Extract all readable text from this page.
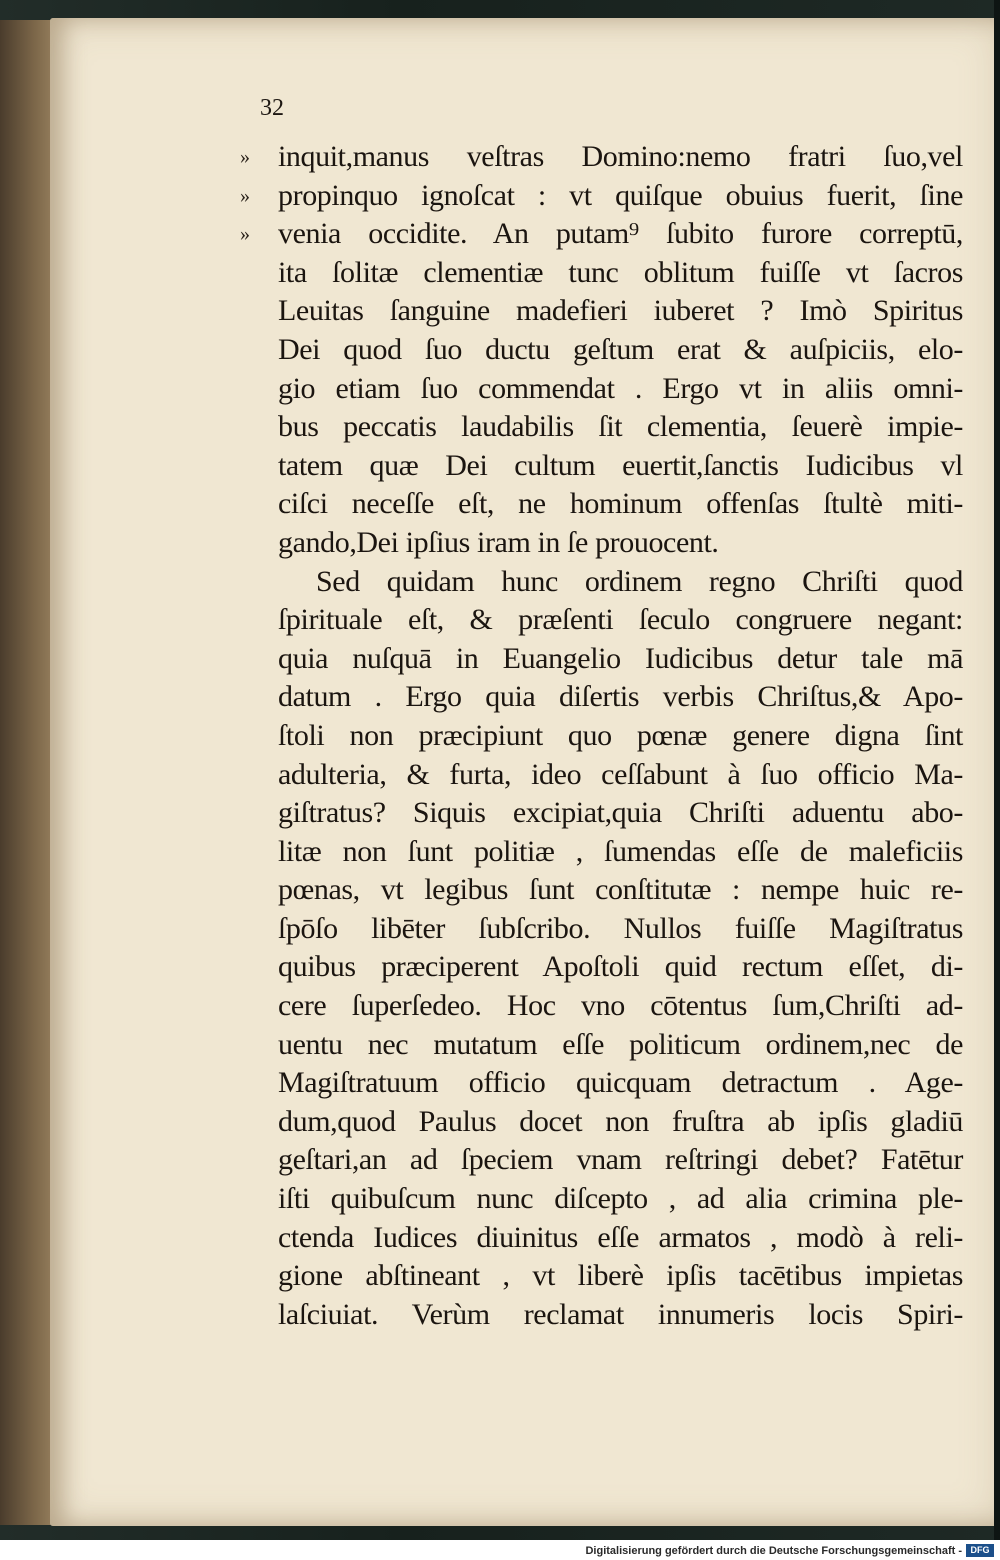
32
» inquit,manus veſtras Domino:nemo fratri ſuo,vel
» propinquo ignoſcat : vt quiſque obuius fuerit, ſine
» venia occidite. An putam⁹ ſubito furore correptū,
ita ſolitæ clementiæ tunc oblitum fuiſſe vt ſacros
Leuitas ſanguine madefieri iuberet ? Imò Spiritus
Dei quod ſuo ductu geſtum erat & auſpiciis, elo-
gio etiam ſuo commendat . Ergo vt in aliis omni-
bus peccatis laudabilis ſit clementia, ſeuerè impie-
tatem quæ Dei cultum euertit,ſanctis Iudicibus vl
ciſci neceſſe eſt, ne hominum offenſas ſtultè miti-
gando,Dei ipſius iram in ſe prouocent.
Sed quidam hunc ordinem regno Chriſti quod
ſpirituale eſt, & præſenti ſeculo congruere negant:
quia nuſquā in Euangelio Iudicibus detur tale mā
datum . Ergo quia diſertis verbis Chriſtus,& Apo-
ſtoli non præcipiunt quo pœnæ genere digna ſint
adulteria, & furta, ideo ceſſabunt à ſuo officio Ma-
giſtratus? Siquis excipiat,quia Chriſti aduentu abo-
litæ non ſunt politiæ , ſumendas eſſe de maleficiis
pœnas, vt legibus ſunt conſtitutæ : nempe huic re-
ſpōſo libēter ſubſcribo. Nullos fuiſſe Magiſtratus
quibus præciperent Apoſtoli quid rectum eſſet, di-
cere ſuperſedeo. Hoc vno cōtentus ſum,Chriſti ad-
uentu nec mutatum eſſe politicum ordinem,nec de
Magiſtratuum officio quicquam detractum . Age-
dum,quod Paulus docet non fruſtra ab ipſis gladiū
geſtari,an ad ſpeciem vnam reſtringi debet? Fatētur
iſti quibuſcum nunc diſcepto , ad alia crimina ple-
ctenda Iudices diuinitus eſſe armatos , modò à reli-
gione abſtineant , vt liberè ipſis tacētibus impietas
laſciuiat. Verùm reclamat innumeris locis Spiri-
Digitalisierung gefördert durch die Deutsche Forschungsgemeinschaft - DFG
